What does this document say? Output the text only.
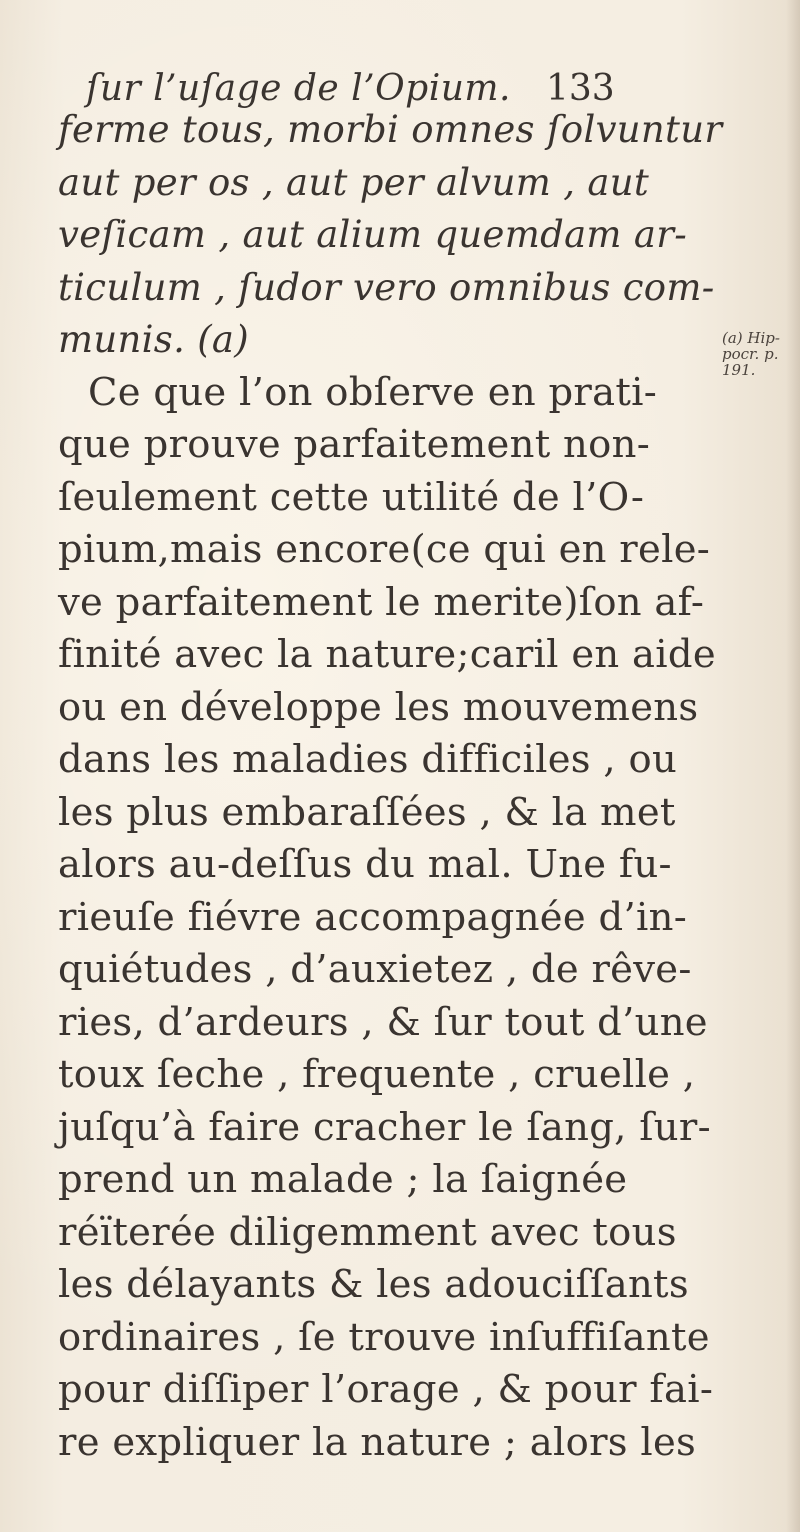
ſur l’uſage de l’Opium. 133
ferme tous, morbi omnes ſolvuntur
aut per os , aut per alvum , aut
veſicam , aut alium quemdam ar-
ticulum , ſudor vero omnibus com-
munis. (a)
Ce que l’on obſerve en prati-
que prouve parfaitement non-
ſeulement cette utilité de l’O-
pium,mais encore(ce qui en rele-
ve parfaitement le merite)ſon af-
finité avec la nature;caril en aide
ou en développe les mouvemens
dans les maladies difficiles , ou
les plus embaraſſées , & la met
alors au-deſſus du mal. Une fu-
rieuſe fiévre accompagnée d’in-
quiétudes , d’auxietez , de rêve-
ries, d’ardeurs , & ſur tout d’une
toux ſeche , frequente , cruelle ,
juſqu’à faire cracher le ſang, ſur-
prend un malade ; la ſaignée
réïterée diligemment avec tous
les délayants & les adouciſſants
ordinaires , ſe trouve inſuffiſante
pour diſſiper l’orage , & pour fai-
re expliquer la nature ; alors les
(a) Hip-
pocr. p.
191.
